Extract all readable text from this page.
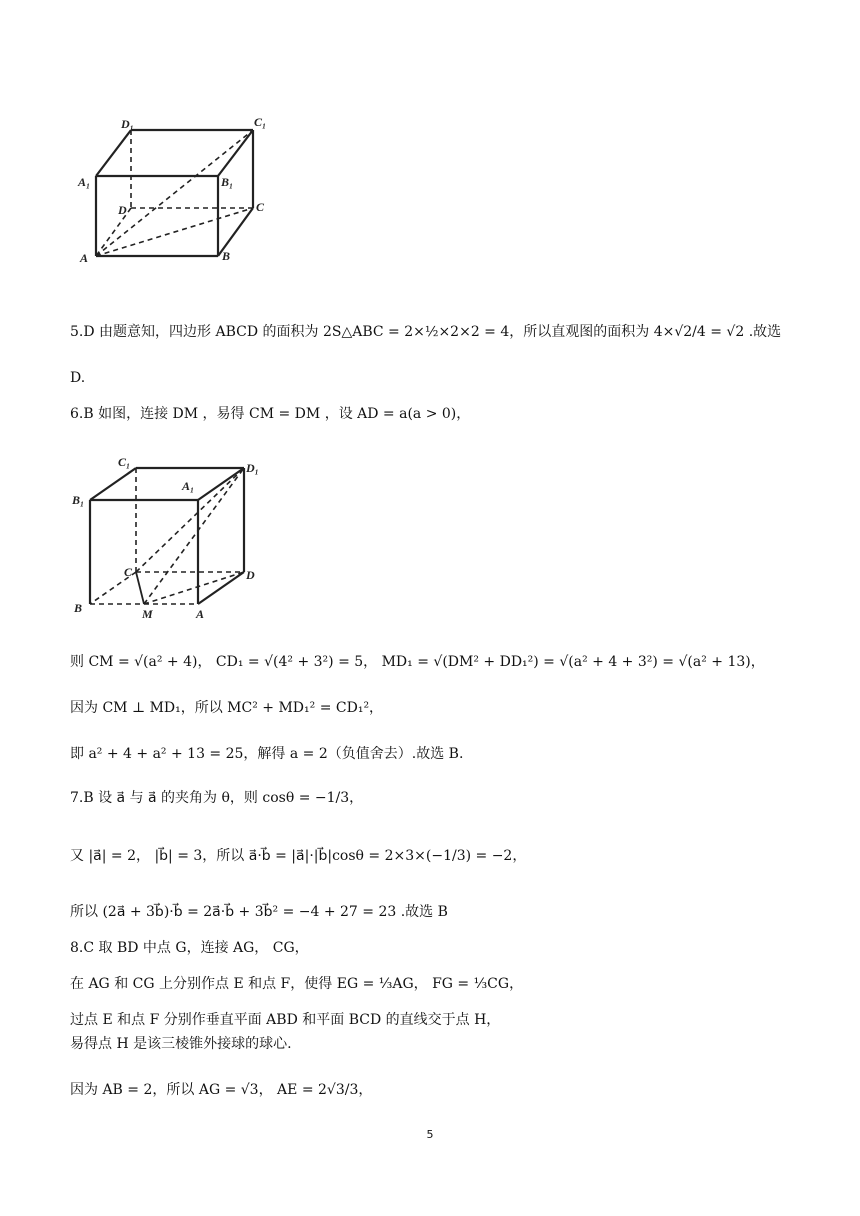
D₁	C₁
A₁	B₁
D	C
A	B
5.D 由题意知，四边形 ABCD 的面积为 2S△ABC = 2×½×2×2 = 4，所以直观图的面积为 4×√2/4 = √2 .故选
D.
6.B 如图，连接 DM ，易得 CM = DM ，设 AD = a(a > 0)，
C₁	D₁
B₁
A₁
C	D
B	M	A
则 CM = √(a² + 4)， CD₁ = √(4² + 3²) = 5， MD₁ = √(DM² + DD₁²) = √(a² + 4 + 3²) = √(a² + 13)，
因为 CM ⊥ MD₁，所以 MC² + MD₁² = CD₁²，
即 a² + 4 + a² + 13 = 25，解得 a = 2（负值舍去）.故选 B.
7.B 设 a⃗ 与 a⃗ 的夹角为 θ，则 cosθ = −1/3，
又 |a⃗| = 2， |b⃗| = 3，所以 a⃗·b⃗ = |a⃗|·|b⃗|cosθ = 2×3×(−1/3) = −2，
所以 (2a⃗ + 3b⃗)·b⃗ = 2a⃗·b⃗ + 3b⃗² = −4 + 27 = 23 .故选 B
8.C 取 BD 中点 G，连接 AG， CG，
在 AG 和 CG 上分别作点 E 和点 F，使得 EG = ⅓AG， FG = ⅓CG，
过点 E 和点 F 分别作垂直平面 ABD 和平面 BCD 的直线交于点 H，
易得点 H 是该三棱锥外接球的球心.
因为 AB = 2，所以 AG = √3， AE = 2√3/3，
5
